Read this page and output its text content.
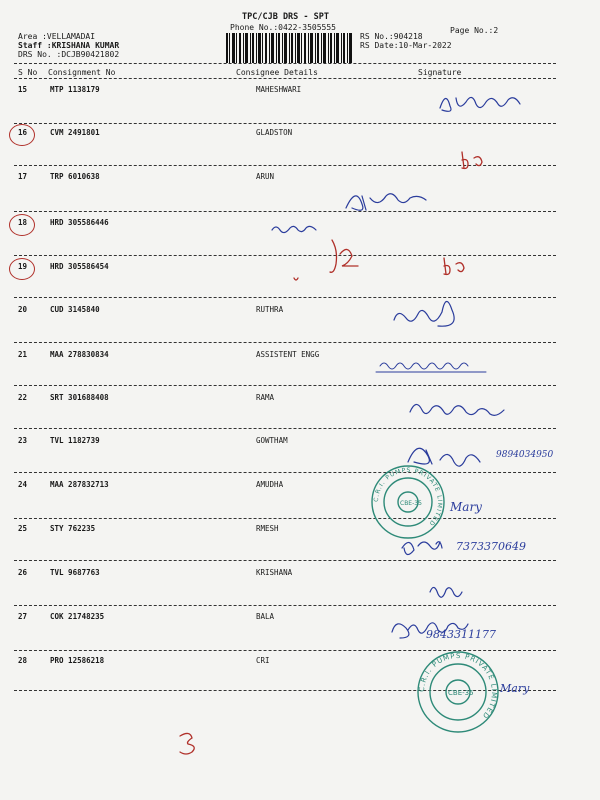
TPC/CJB DRS - SPT
Phone No.:0422-3505555	Page No.:2
Area :VELLAMADAI
Staff :KRISHANA KUMAR
DRS No. :DCJB90421802
RS No.:904218
RS Date:10-Mar-2022
S No Consignment No	Consignee Details	Signature
15	MTP 1138179	MAHESHWARI
16	CVM 2491801	GLADSTON
17	TRP 6010638	ARUN
18	HRD 305586446
19	HRD 305586454
20	CUD 3145840	RUTHRA
21	MAA 278830834	ASSISTENT ENGG
22	SRT 301688408	RAMA
23	TVL 1182739	GOWTHAM
24	MAA 287832713	AMUDHA
25	STY 762235	RMESH
26	TVL 9687763	KRISHANA
27	COK 21748235	BALA
28	PRO 12586218	CRI
C.R.I. PUMPS PRIVATE LIMITED
C.R.I. PUMPS PRIVATE LIMITED
CBE-35
CBE-35
9894034950
Mary
7373370649
9843311177
Mary
